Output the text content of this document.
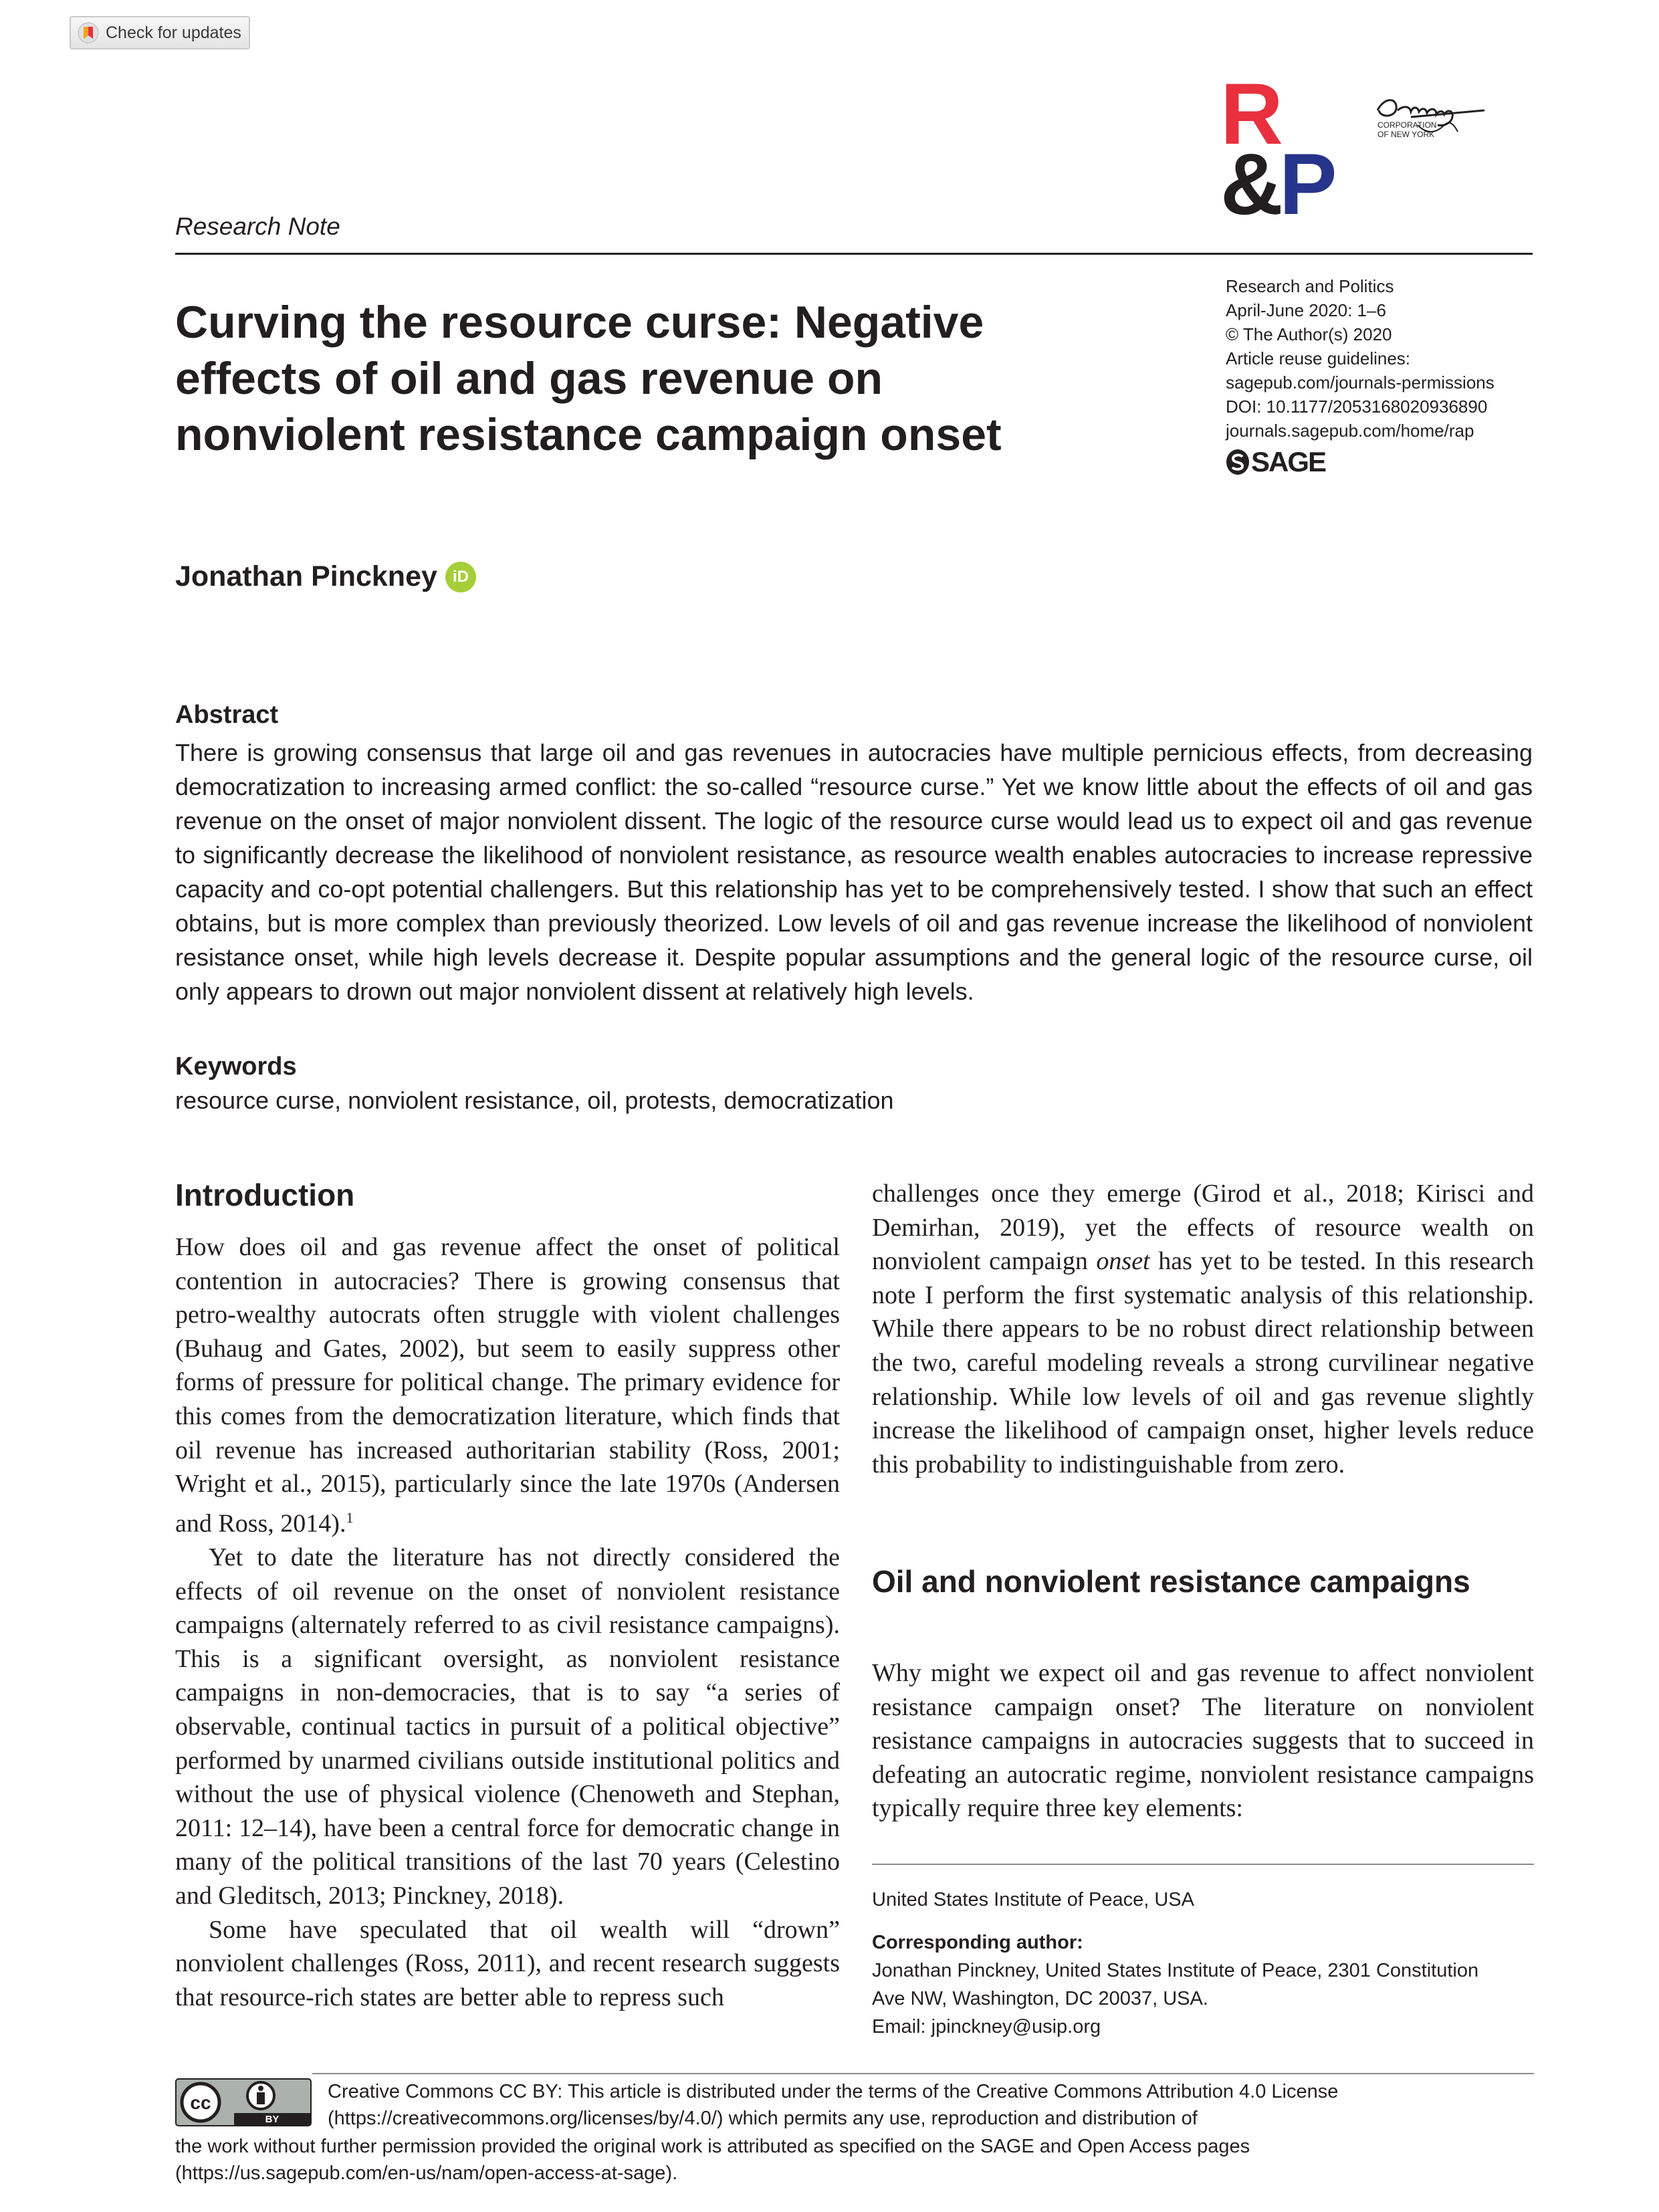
Check for updates
R
&P
CORPORATION
OF NEW YORK
Research Note
Research and Politics
April-June 2020: 1–6
© The Author(s) 2020
Article reuse guidelines:
sagepub.com/journals-permissions
DOI: 10.1177/2053168020936890
journals.sagepub.com/home/rap
SAGE
Curving the resource curse: Negative
effects of oil and gas revenue on
nonviolent resistance campaign onset
Jonathan Pinckney iD
Abstract
There is growing consensus that large oil and gas revenues in autocracies have multiple pernicious effects, from decreasing democratization to increasing armed conflict: the so-called “resource curse.” Yet we know little about the effects of oil and gas revenue on the onset of major nonviolent dissent. The logic of the resource curse would lead us to expect oil and gas revenue to significantly decrease the likelihood of nonviolent resistance, as resource wealth enables autocracies to increase repressive capacity and co-opt potential challengers. But this relationship has yet to be comprehensively tested. I show that such an effect obtains, but is more complex than previously theorized. Low levels of oil and gas revenue increase the likelihood of nonviolent resistance onset, while high levels decrease it. Despite popular assumptions and the general logic of the resource curse, oil only appears to drown out major nonviolent dissent at relatively high levels.
Keywords
resource curse, nonviolent resistance, oil, protests, democratization
Introduction

How does oil and gas revenue affect the onset of political contention in autocracies? There is growing consensus that petro-wealthy autocrats often struggle with violent challenges (Buhaug and Gates, 2002), but seem to easily suppress other forms of pressure for political change. The primary evidence for this comes from the democratization literature, which finds that oil revenue has increased authoritarian stability (Ross, 2001; Wright et al., 2015), particularly since the late 1970s (Andersen and Ross, 2014).$^1$

Yet to date the literature has not directly considered the effects of oil revenue on the onset of nonviolent resistance campaigns (alternately referred to as civil resistance campaigns). This is a significant oversight, as nonviolent resistance campaigns in non-democracies, that is to say “a series of observable, continual tactics in pursuit of a political objective” performed by unarmed civilians outside institutional politics and without the use of physical violence (Chenoweth and Stephan, 2011: 12–14), have been a central force for democratic change in many of the political transitions of the last 70 years (Celestino and Gleditsch, 2013; Pinckney, 2018).

Some have speculated that oil wealth will “drown” nonviolent challenges (Ross, 2011), and recent research suggests that resource-rich states are better able to repress such

challenges once they emerge (Girod et al., 2018; Kirisci and Demirhan, 2019), yet the effects of resource wealth on nonviolent campaign onset has yet to be tested. In this research note I perform the first systematic analysis of this relationship. While there appears to be no robust direct relationship between the two, careful modeling reveals a strong curvilinear negative relationship. While low levels of oil and gas revenue slightly increase the likelihood of campaign onset, higher levels reduce this probability to indistinguishable from zero.

Oil and nonviolent resistance campaigns

Why might we expect oil and gas revenue to affect nonviolent resistance campaign onset? The literature on nonviolent resistance campaigns in autocracies suggests that to succeed in defeating an autocratic regime, nonviolent resistance campaigns typically require three key elements:

United States Institute of Peace, USA
Corresponding author:
Jonathan Pinckney, United States Institute of Peace, 2301 Constitution
Ave NW, Washington, DC 20037, USA.
Email: jpinckney@usip.org
cc
BY
Creative Commons CC BY: This article is distributed under the terms of the Creative Commons Attribution 4.0 License
(https://creativecommons.org/licenses/by/4.0/) which permits any use, reproduction and distribution of
the work without further permission provided the original work is attributed as specified on the SAGE and Open Access pages
(https://us.sagepub.com/en-us/nam/open-access-at-sage).
